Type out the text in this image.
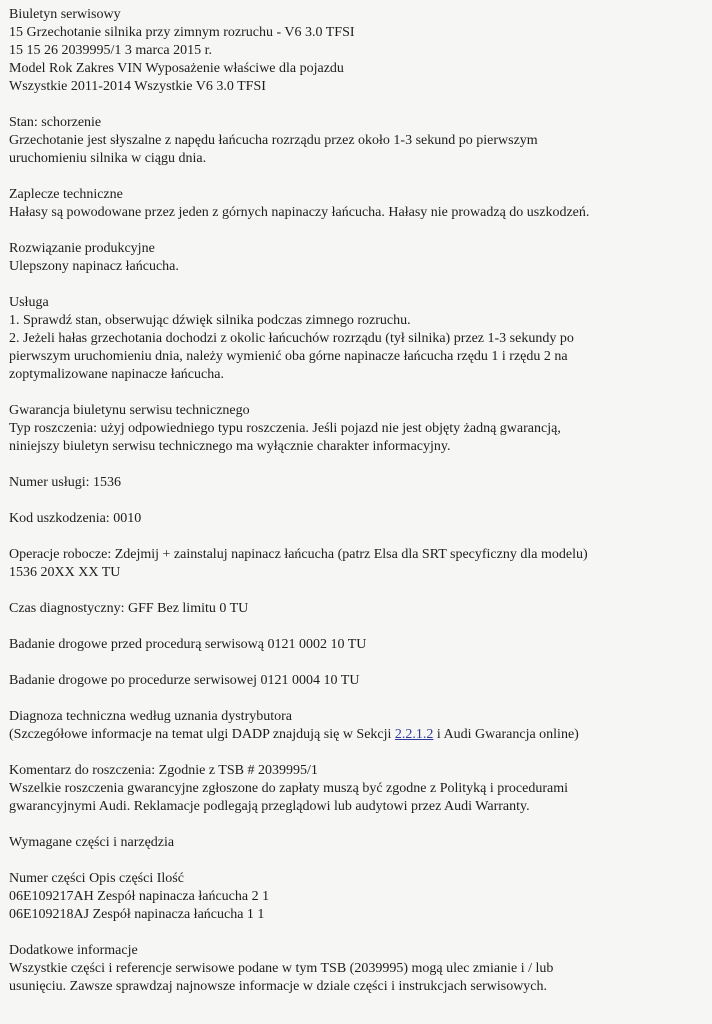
Biuletyn serwisowy
15 Grzechotanie silnika przy zimnym rozruchu - V6 3.0 TFSI
15 15 26 2039995/1 3 marca 2015 r.
Model Rok Zakres VIN Wyposażenie właściwe dla pojazdu
Wszystkie 2011-2014 Wszystkie V6 3.0 TFSI
Stan: schorzenie
Grzechotanie jest słyszalne z napędu łańcucha rozrządu przez około 1-3 sekund po pierwszym
uruchomieniu silnika w ciągu dnia.
Zaplecze techniczne
Hałasy są powodowane przez jeden z górnych napinaczy łańcucha. Hałasy nie prowadzą do uszkodzeń.
Rozwiązanie produkcyjne
Ulepszony napinacz łańcucha.
Usługa
1. Sprawdź stan, obserwując dźwięk silnika podczas zimnego rozruchu.
2. Jeżeli hałas grzechotania dochodzi z okolic łańcuchów rozrządu (tył silnika) przez 1-3 sekundy po
pierwszym uruchomieniu dnia, należy wymienić oba górne napinacze łańcucha rzędu 1 i rzędu 2 na
zoptymalizowane napinacze łańcucha.
Gwarancja biuletynu serwisu technicznego
Typ roszczenia: użyj odpowiedniego typu roszczenia. Jeśli pojazd nie jest objęty żadną gwarancją,
niniejszy biuletyn serwisu technicznego ma wyłącznie charakter informacyjny.
Numer usługi: 1536
Kod uszkodzenia: 0010
Operacje robocze: Zdejmij + zainstaluj napinacz łańcucha (patrz Elsa dla SRT specyficzny dla modelu)
1536 20XX XX TU
Czas diagnostyczny: GFF Bez limitu 0 TU
Badanie drogowe przed procedurą serwisową 0121 0002 10 TU
Badanie drogowe po procedurze serwisowej 0121 0004 10 TU
Diagnoza techniczna według uznania dystrybutora
(Szczegółowe informacje na temat ulgi DADP znajdują się w Sekcji 2.2.1.2 i Audi Gwarancja online)
Komentarz do roszczenia: Zgodnie z TSB # 2039995/1
Wszelkie roszczenia gwarancyjne zgłoszone do zapłaty muszą być zgodne z Polityką i procedurami
gwarancyjnymi Audi. Reklamacje podlegają przeglądowi lub audytowi przez Audi Warranty.
Wymagane części i narzędzia
Numer części Opis części Ilość
06E109217AH Zespół napinacza łańcucha 2 1
06E109218AJ Zespół napinacza łańcucha 1 1
Dodatkowe informacje
Wszystkie części i referencje serwisowe podane w tym TSB (2039995) mogą ulec zmianie i / lub
usunięciu. Zawsze sprawdzaj najnowsze informacje w dziale części i instrukcjach serwisowych.
